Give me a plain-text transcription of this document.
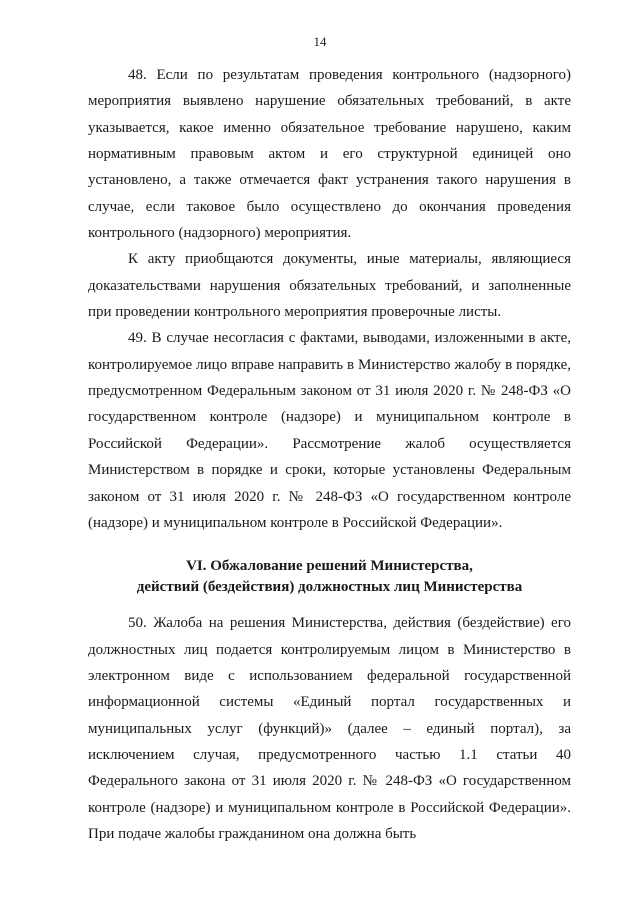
14

48. Если по результатам проведения контрольного (надзорного) мероприятия выявлено нарушение обязательных требований, в акте указывается, какое именно обязательное требование нарушено, каким нормативным правовым актом и его структурной единицей оно установлено, а также отмечается факт устранения такого нарушения в случае, если таковое было осуществлено до окончания проведения контрольного (надзорного) мероприятия.

К акту приобщаются документы, иные материалы, являющиеся доказательствами нарушения обязательных требований, и заполненные при проведении контрольного мероприятия проверочные листы.

49. В случае несогласия с фактами, выводами, изложенными в акте, контролируемое лицо вправе направить в Министерство жалобу в порядке, предусмотренном Федеральным законом от 31 июля 2020 г. № 248-ФЗ «О государственном контроле (надзоре) и муниципальном контроле в Российской Федерации». Рассмотрение жалоб осуществляется Министерством в порядке и сроки, которые установлены Федеральным законом от 31 июля 2020 г. № 248-ФЗ «О государственном контроле (надзоре) и муниципальном контроле в Российской Федерации».

VI. Обжалование решений Министерства,
действий (бездействия) должностных лиц Министерства

50. Жалоба на решения Министерства, действия (бездействие) его должностных лиц подается контролируемым лицом в Министерство в электронном виде с использованием федеральной государственной информационной системы «Единый портал государственных и муниципальных услуг (функций)» (далее – единый портал), за исключением случая, предусмотренного частью 1.1 статьи 40 Федерального закона от 31 июля 2020 г. № 248-ФЗ «О государственном контроле (надзоре) и муниципальном контроле в Российской Федерации». При подаче жалобы гражданином она должна быть
